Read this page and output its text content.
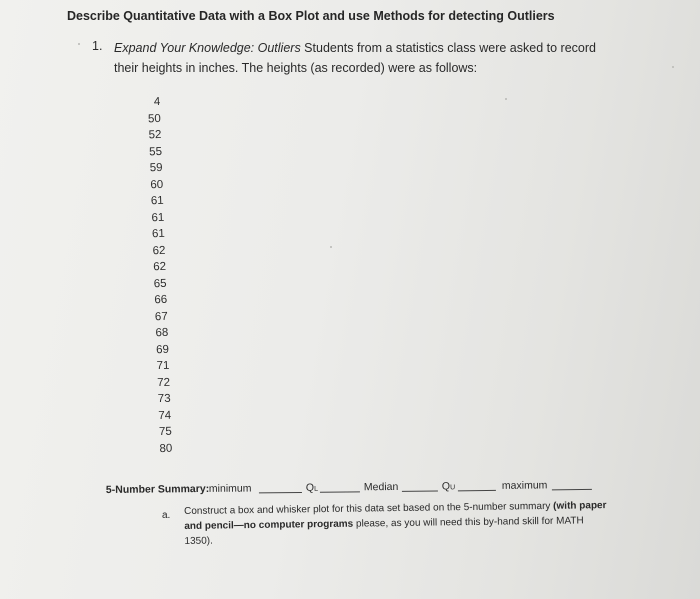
Describe Quantitative Data with a Box Plot and use Methods for detecting Outliers
1. Expand Your Knowledge: Outliers Students from a statistics class were asked to record their heights in inches. The heights (as recorded) were as follows:
4
50
52
55
59
60
61
61
61
62
62
65
66
67
68
69
71
72
73
74
75
80
5-Number Summary: minimum	QL	Median	QU	maximum
a. Construct a box and whisker plot for this data set based on the 5-number summary (with paper and pencil—no computer programs please, as you will need this by-hand skill for MATH 1350).
